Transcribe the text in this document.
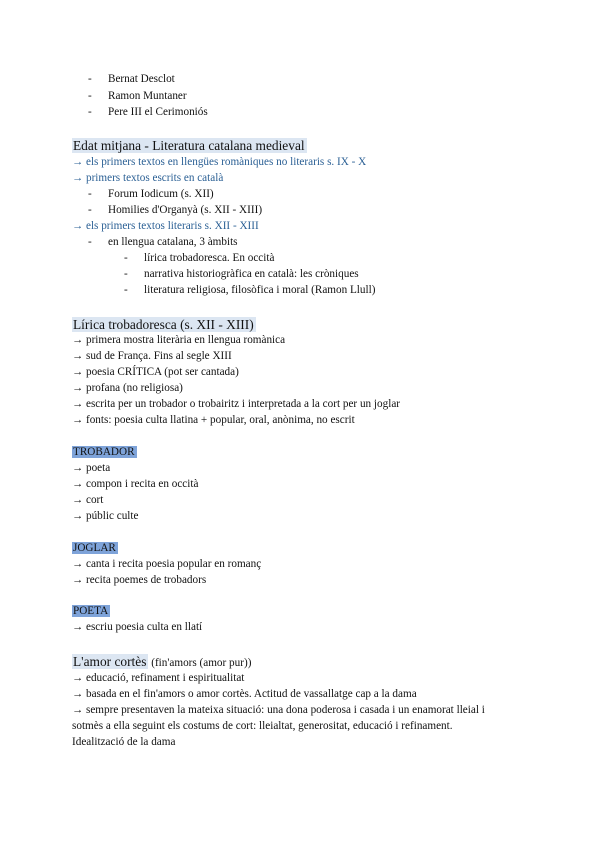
- Bernat Desclot
- Ramon Muntaner
- Pere III el Cerimoniós
Edat mitjana - Literatura catalana medieval
→ els primers textos en llengües romàniques no literaris s. IX - X
→ primers textos escrits en català
- Forum Iodicum (s. XII)
- Homilies d'Organyà (s. XII - XIII)
→ els primers textos literaris s. XII - XIII
- en llengua catalana, 3 àmbits
- lírica trobadoresca. En occità
- narrativa historiogràfica en català: les cròniques
- literatura religiosa, filosòfica i moral (Ramon Llull)
Lírica trobadoresca (s. XII - XIII)
→ primera mostra literària en llengua romànica
→ sud de França. Fins al segle XIII
→ poesia CRÍTICA (pot ser cantada)
→ profana (no religiosa)
→ escrita per un trobador o trobairitz i interpretada a la cort per un joglar
→ fonts: poesia culta llatina + popular, oral, anònima, no escrit
TROBADOR
→ poeta
→ compon i recita en occità
→ cort
→ públic culte
JOGLAR
→ canta i recita poesia popular en romanç
→ recita poemes de trobadors
POETA
→ escriu poesia culta en llatí
L'amor cortès (fin'amors (amor pur))
→ educació, refinament i espiritualitat
→ basada en el fin'amors o amor cortès. Actitud de vassallatge cap a la dama
→ sempre presentaven la mateixa situació: una dona poderosa i casada i un enamorat lleial i
sotmès a ella seguint els costums de cort: lleialtat, generositat, educació i refinament.
Idealització de la dama
